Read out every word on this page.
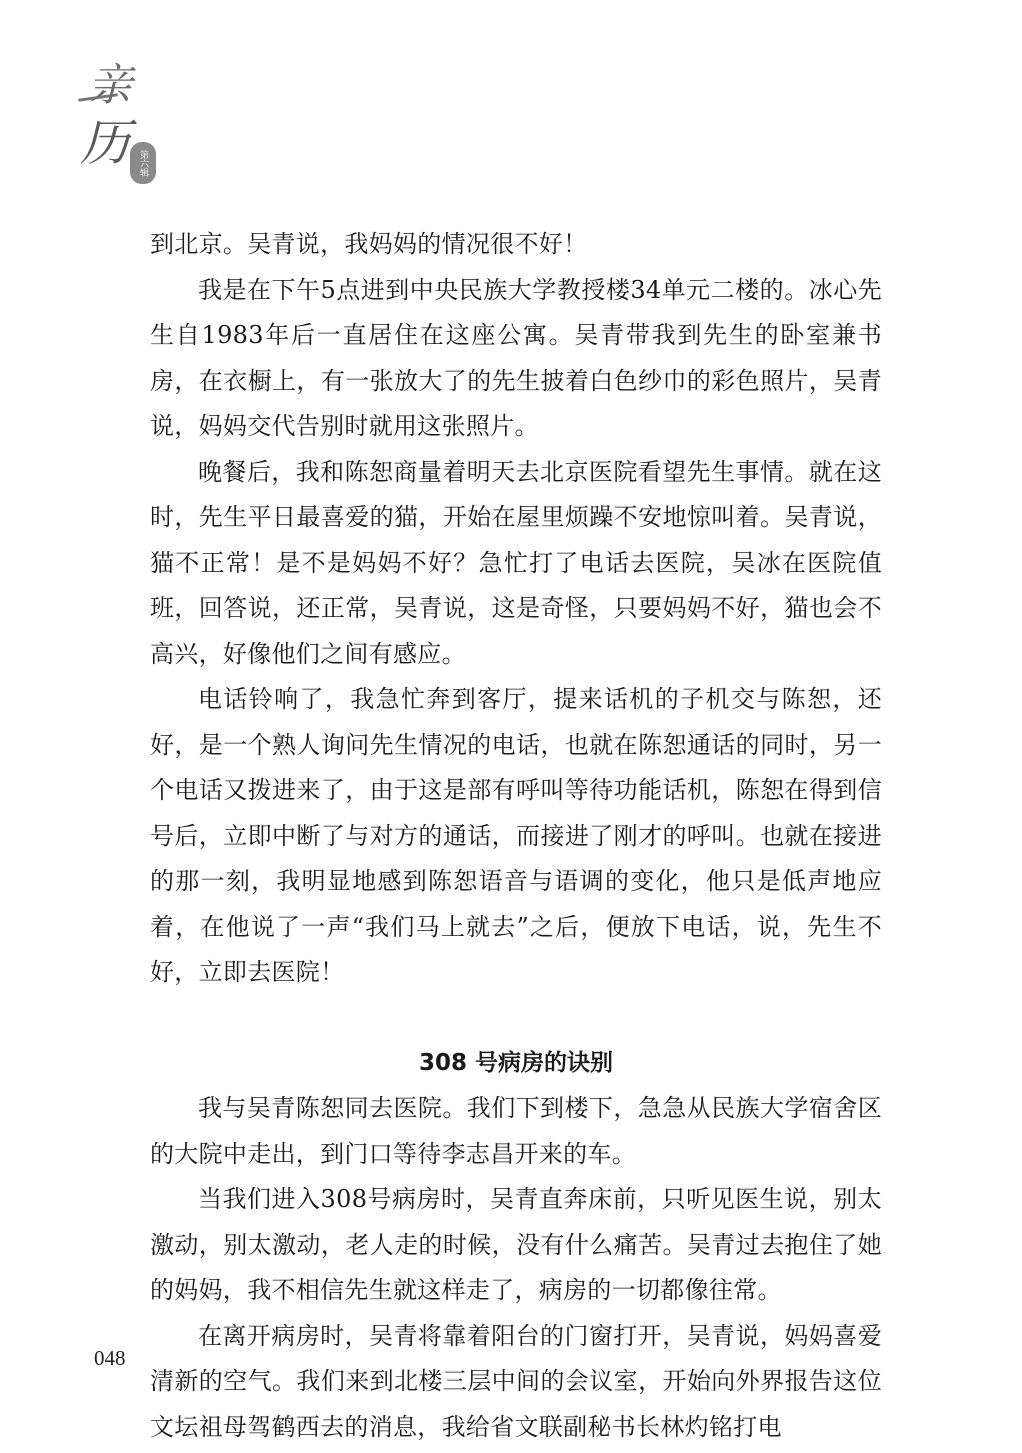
亲
历 第六辑

到北京。吴青说，我妈妈的情况很不好！

我是在下午5点进到中央民族大学教授楼34单元二楼的。冰心先生自1983年后一直居住在这座公寓。吴青带我到先生的卧室兼书房，在衣橱上，有一张放大了的先生披着白色纱巾的彩色照片，吴青说，妈妈交代告别时就用这张照片。

晚餐后，我和陈恕商量着明天去北京医院看望先生事情。就在这时，先生平日最喜爱的猫，开始在屋里烦躁不安地惊叫着。吴青说，猫不正常！是不是妈妈不好？急忙打了电话去医院，吴冰在医院值班，回答说，还正常，吴青说，这是奇怪，只要妈妈不好，猫也会不高兴，好像他们之间有感应。

电话铃响了，我急忙奔到客厅，提来话机的子机交与陈恕，还好，是一个熟人询问先生情况的电话，也就在陈恕通话的同时，另一个电话又拨进来了，由于这是部有呼叫等待功能话机，陈恕在得到信号后，立即中断了与对方的通话，而接进了刚才的呼叫。也就在接进的那一刻，我明显地感到陈恕语音与语调的变化，他只是低声地应着，在他说了一声“我们马上就去”之后，便放下电话，说，先生不好，立即去医院！

308 号病房的诀别

我与吴青陈恕同去医院。我们下到楼下，急急从民族大学宿舍区的大院中走出，到门口等待李志昌开来的车。

当我们进入308号病房时，吴青直奔床前，只听见医生说，别太激动，别太激动，老人走的时候，没有什么痛苦。吴青过去抱住了她的妈妈，我不相信先生就这样走了，病房的一切都像往常。

在离开病房时，吴青将靠着阳台的门窗打开，吴青说，妈妈喜爱清新的空气。我们来到北楼三层中间的会议室，开始向外界报告这位文坛祖母驾鹤西去的消息，我给省文联副秘书长林灼铭打电

048
